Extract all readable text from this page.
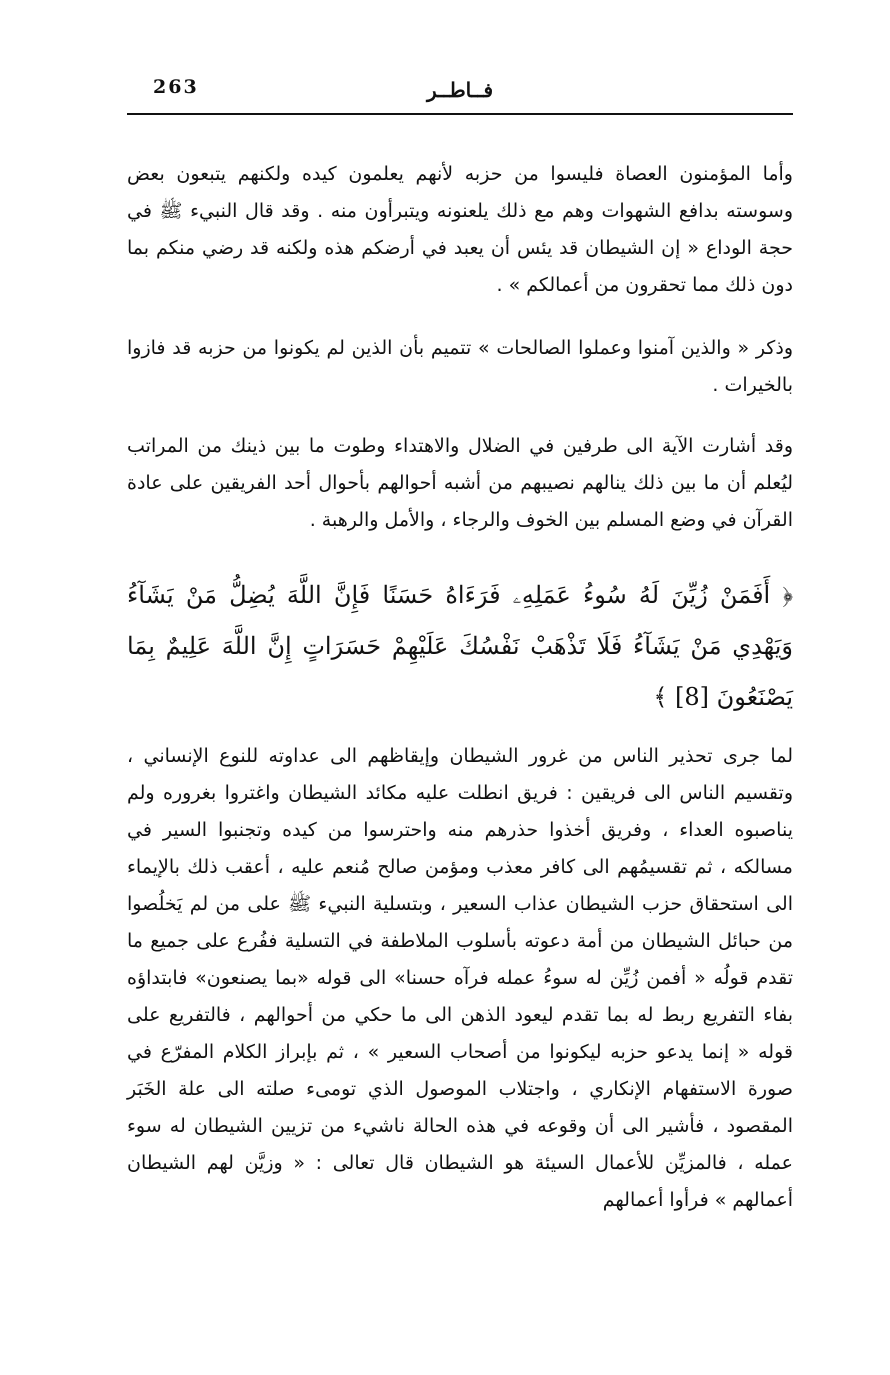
263	فــاطــر

وأما المؤمنون العصاة فليسوا من حزبه لأنهم يعلمون كيده ولكنهم يتبعون بعض وسوسته بدافع الشهوات وهم مع ذلك يلعنونه ويتبرأون منه . وقد قال النبيء ﷺ في حجة الوداع « إن الشيطان قد يئس أن يعبد في أرضكم هذه ولكنه قد رضي منكم بما دون ذلك مما تحقرون من أعمالكم » .

وذكر « والذين آمنوا وعملوا الصالحات » تتميم بأن الذين لم يكونوا من حزبه قد فازوا بالخيرات .

وقد أشارت الآية الى طرفين في الضلال والاهتداء وطوت ما بين ذينك من المراتب ليُعلم أن ما بين ذلك ينالهم نصيبهم من أشبه أحوالهم بأحوال أحد الفريقين على عادة القرآن في وضع المسلم بين الخوف والرجاء ، والأمل والرهبة .

﴿ أَفَمَنْ زُيِّنَ لَهُ سُوءُ عَمَلِهِۦ فَرَءَاهُ حَسَنًا فَإِنَّ اللَّهَ يُضِلُّ مَنْ يَشَآءُ وَيَهْدِي مَنْ يَشَآءُ فَلَا تَذْهَبْ نَفْسُكَ عَلَيْهِمْ حَسَرَاتٍ إِنَّ اللَّهَ عَلِيمٌ بِمَا يَصْنَعُونَ [8] ﴾

لما جرى تحذير الناس من غرور الشيطان وإيقاظهم الى عداوته للنوع الإنساني ، وتقسيم الناس الى فريقين : فريق انطلت عليه مكائد الشيطان واغتروا بغروره ولم يناصبوه العداء ، وفريق أخذوا حذرهم منه واحترسوا من كيده وتجنبوا السير في مسالكه ، ثم تقسيمُهم الى كافر معذب ومؤمن صالح مُنعم عليه ، أعقب ذلك بالإيماء الى استحقاق حزب الشيطان عذاب السعير ، وبتسلية النبيء ﷺ على من لم يَخلُصوا من حبائل الشيطان من أمة دعوته بأسلوب الملاطفة في التسلية ففُرع على جميع ما تقدم قولُه « أفمن زُيِّن له سوءُ عمله فرآه حسنا» الى قوله «بما يصنعون» فابتداؤه بفاء التفريع ربط له بما تقدم ليعود الذهن الى ما حكي من أحوالهم ، فالتفريع على قوله « إنما يدعو حزبه ليكونوا من أصحاب السعير » ، ثم بإبراز الكلام المفرّع في صورة الاستفهام الإنكاري ، واجتلاب الموصول الذي تومىء صلته الى علة الخَبَر المقصود ، فأشير الى أن وقوعه في هذه الحالة ناشيء من تزيين الشيطان له سوء عمله ، فالمزيِّن للأعمال السيئة هو الشيطان قال تعالى : « وزيَّن لهم الشيطان أعمالهم » فرأوا أعمالهم
